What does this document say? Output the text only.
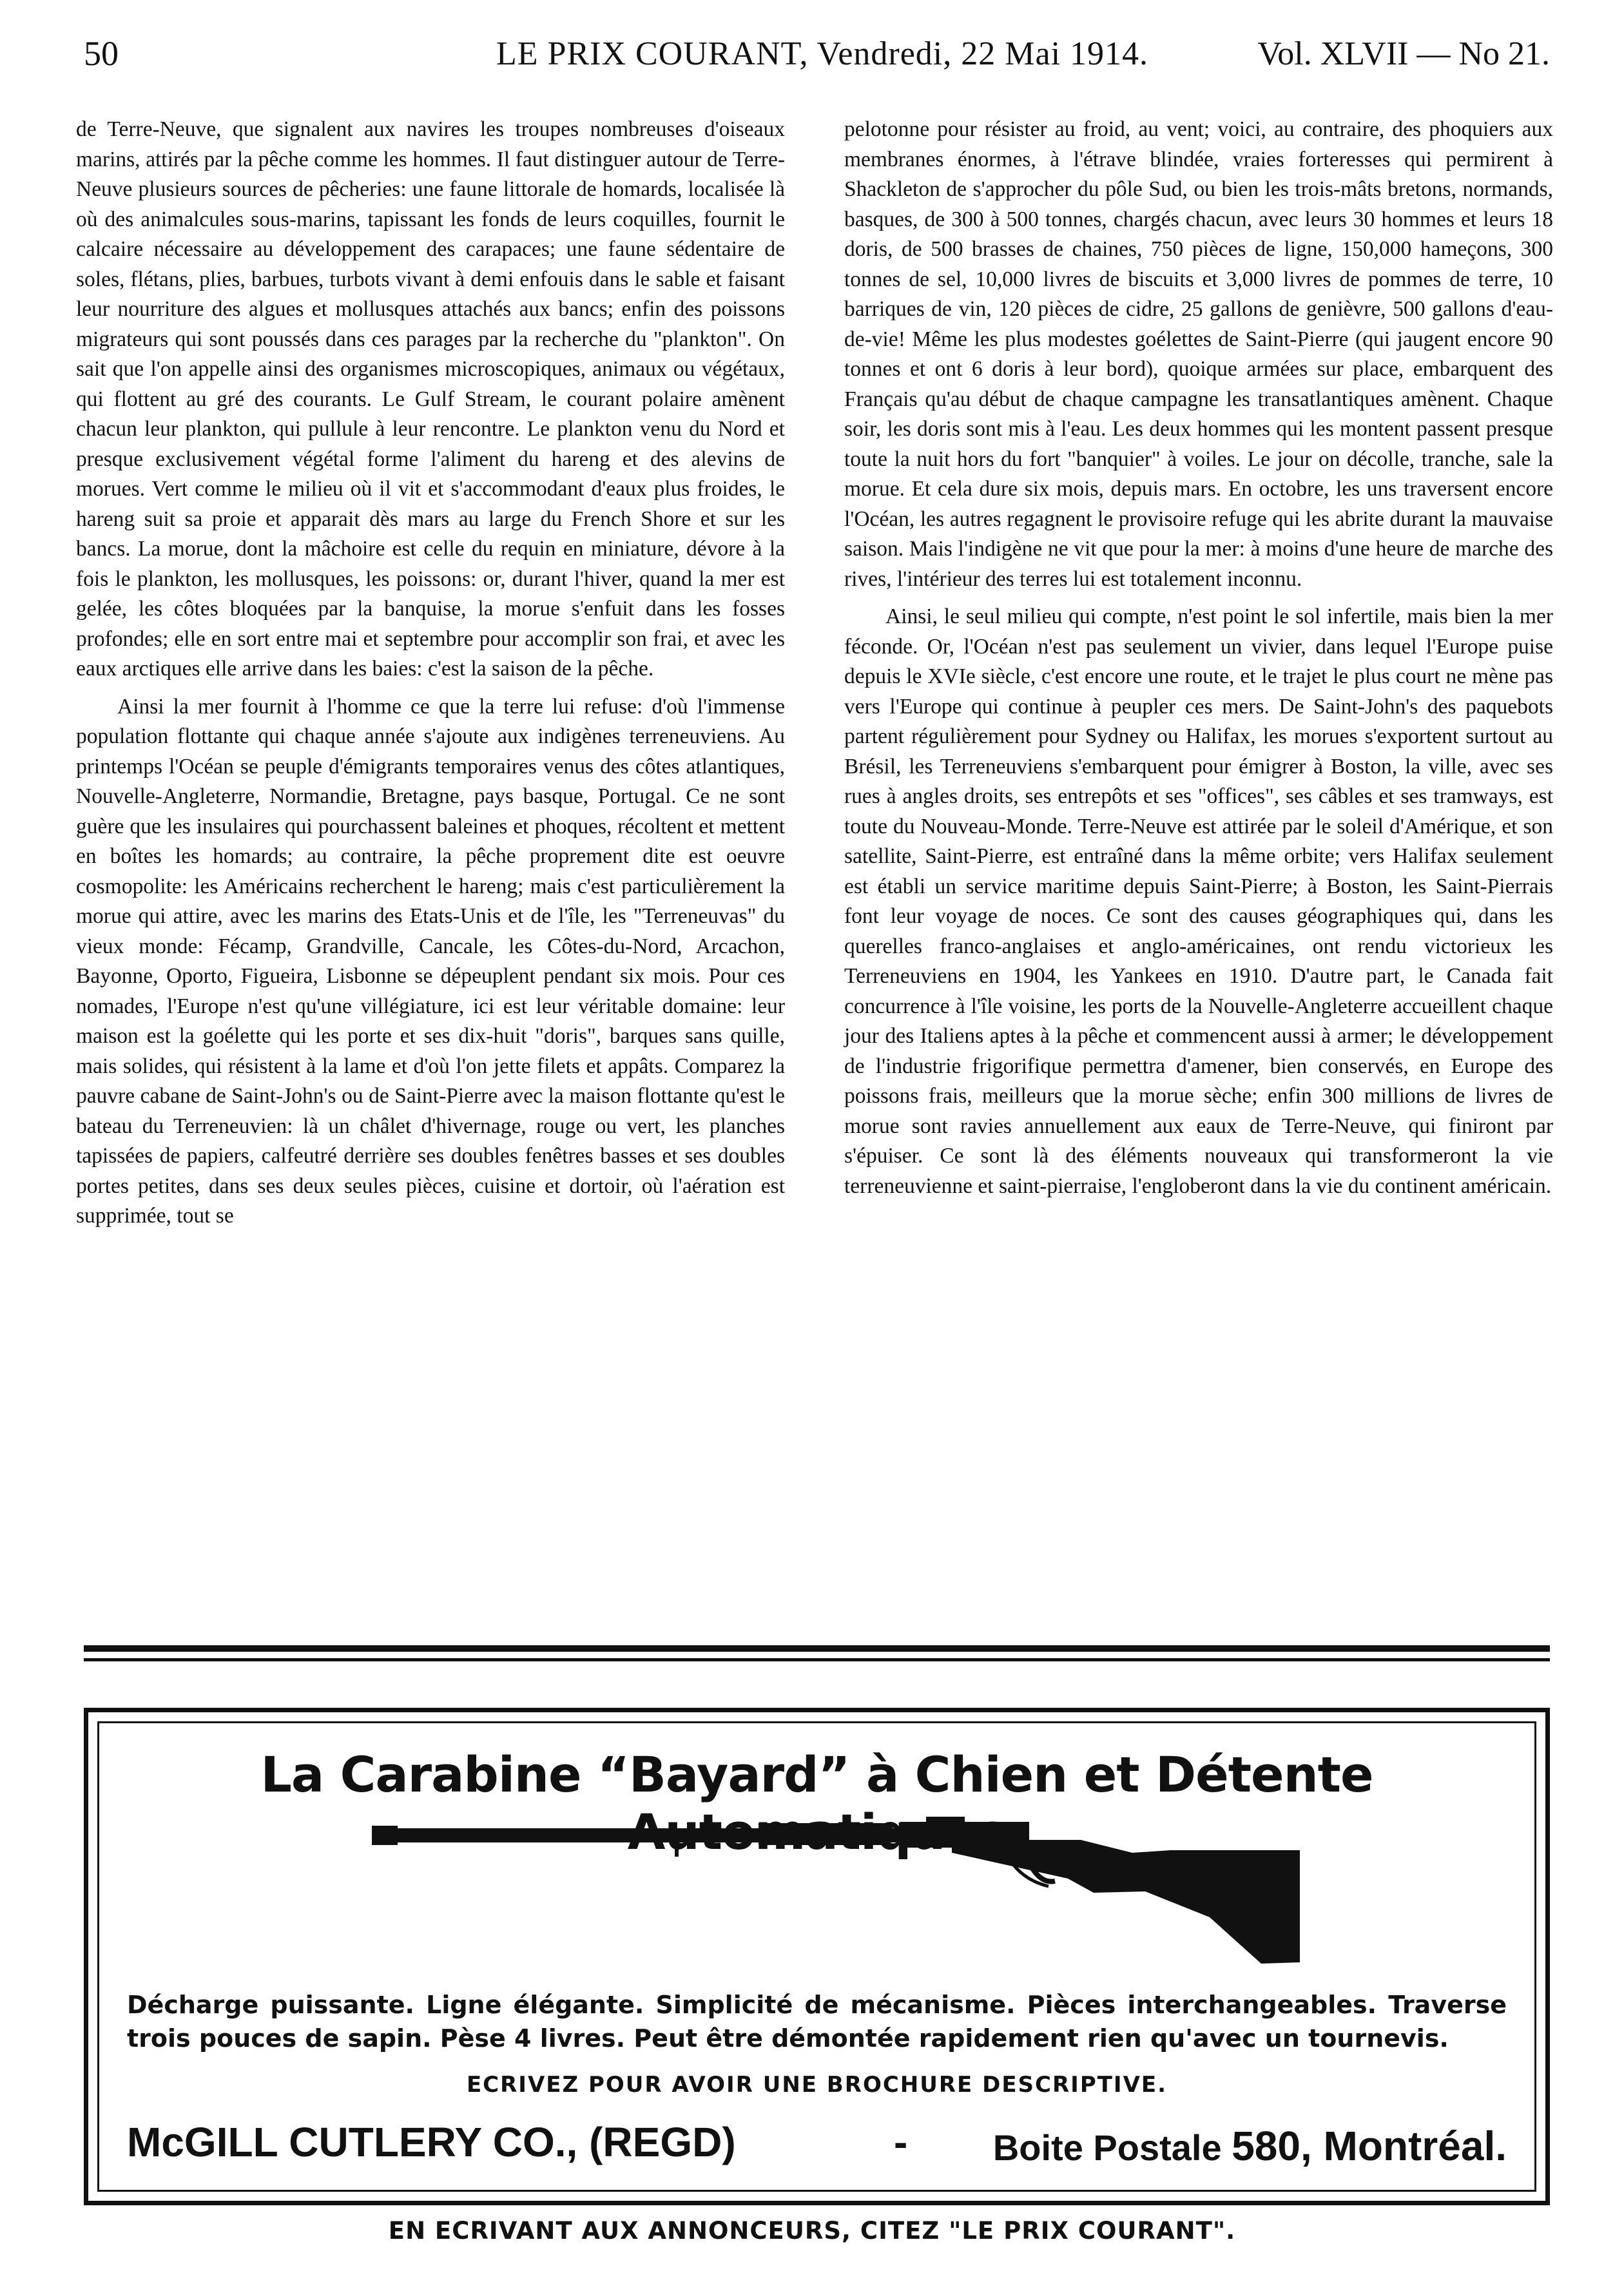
50	LE PRIX COURANT, Vendredi, 22 Mai 1914.	Vol. XLVII — No 21.

de Terre-Neuve, que signalent aux navires les troupes nombreuses d'oiseaux marins, attirés par la pêche comme les hommes. Il faut distinguer autour de Terre-Neuve plusieurs sources de pêcheries: une faune littorale de homards, localisée là où des animalcules sous-marins, tapissant les fonds de leurs coquilles, fournit le calcaire nécessaire au développement des carapaces; une faune sédentaire de soles, flétans, plies, barbues, turbots vivant à demi enfouis dans le sable et faisant leur nourriture des algues et mollusques attachés aux bancs; enfin des poissons migrateurs qui sont poussés dans ces parages par la recherche du "plankton". On sait que l'on appelle ainsi des organismes microscopiques, animaux ou végétaux, qui flottent au gré des courants. Le Gulf Stream, le courant polaire amènent chacun leur plankton, qui pullule à leur rencontre. Le plankton venu du Nord et presque exclusivement végétal forme l'aliment du hareng et des alevins de morues. Vert comme le milieu où il vit et s'accommodant d'eaux plus froides, le hareng suit sa proie et apparait dès mars au large du French Shore et sur les bancs. La morue, dont la mâchoire est celle du requin en miniature, dévore à la fois le plankton, les mollusques, les poissons: or, durant l'hiver, quand la mer est gelée, les côtes bloquées par la banquise, la morue s'enfuit dans les fosses profondes; elle en sort entre mai et septembre pour accomplir son frai, et avec les eaux arctiques elle arrive dans les baies: c'est la saison de la pêche.

Ainsi la mer fournit à l'homme ce que la terre lui refuse: d'où l'immense population flottante qui chaque année s'ajoute aux indigènes terreneuviens. Au printemps l'Océan se peuple d'émigrants temporaires venus des côtes atlantiques, Nouvelle-Angleterre, Normandie, Bretagne, pays basque, Portugal. Ce ne sont guère que les insulaires qui pourchassent baleines et phoques, récoltent et mettent en boîtes les homards; au contraire, la pêche proprement dite est oeuvre cosmopolite: les Américains recherchent le hareng; mais c'est particulièrement la morue qui attire, avec les marins des Etats-Unis et de l'île, les "Terreneuvas" du vieux monde: Fécamp, Grandville, Cancale, les Côtes-du-Nord, Arcachon, Bayonne, Oporto, Figueira, Lisbonne se dépeuplent pendant six mois. Pour ces nomades, l'Europe n'est qu'une villégiature, ici est leur véritable domaine: leur maison est la goélette qui les porte et ses dix-huit "doris", barques sans quille, mais solides, qui résistent à la lame et d'où l'on jette filets et appâts. Comparez la pauvre cabane de Saint-John's ou de Saint-Pierre avec la maison flottante qu'est le bateau du Terreneuvien: là un châlet d'hivernage, rouge ou vert, les planches tapissées de papiers, calfeutré derrière ses doubles fenêtres basses et ses doubles portes petites, dans ses deux seules pièces, cuisine et dortoir, où l'aération est supprimée, tout se

pelotonne pour résister au froid, au vent; voici, au contraire, des phoquiers aux membranes énormes, à l'étrave blindée, vraies forteresses qui permirent à Shackleton de s'approcher du pôle Sud, ou bien les trois-mâts bretons, normands, basques, de 300 à 500 tonnes, chargés chacun, avec leurs 30 hommes et leurs 18 doris, de 500 brasses de chaines, 750 pièces de ligne, 150,000 hameçons, 300 tonnes de sel, 10,000 livres de biscuits et 3,000 livres de pommes de terre, 10 barriques de vin, 120 pièces de cidre, 25 gallons de genièvre, 500 gallons d'eau-de-vie! Même les plus modestes goélettes de Saint-Pierre (qui jaugent encore 90 tonnes et ont 6 doris à leur bord), quoique armées sur place, embarquent des Français qu'au début de chaque campagne les transatlantiques amènent. Chaque soir, les doris sont mis à l'eau. Les deux hommes qui les montent passent presque toute la nuit hors du fort "banquier" à voiles. Le jour on décolle, tranche, sale la morue. Et cela dure six mois, depuis mars. En octobre, les uns traversent encore l'Océan, les autres regagnent le provisoire refuge qui les abrite durant la mauvaise saison. Mais l'indigène ne vit que pour la mer: à moins d'une heure de marche des rives, l'intérieur des terres lui est totalement inconnu.

Ainsi, le seul milieu qui compte, n'est point le sol infertile, mais bien la mer féconde. Or, l'Océan n'est pas seulement un vivier, dans lequel l'Europe puise depuis le XVIe siècle, c'est encore une route, et le trajet le plus court ne mène pas vers l'Europe qui continue à peupler ces mers. De Saint-John's des paquebots partent régulièrement pour Sydney ou Halifax, les morues s'exportent surtout au Brésil, les Terreneuviens s'embarquent pour émigrer à Boston, la ville, avec ses rues à angles droits, ses entrepôts et ses "offices", ses câbles et ses tramways, est toute du Nouveau-Monde. Terre-Neuve est attirée par le soleil d'Amérique, et son satellite, Saint-Pierre, est entraîné dans la même orbite; vers Halifax seulement est établi un service maritime depuis Saint-Pierre; à Boston, les Saint-Pierrais font leur voyage de noces. Ce sont des causes géographiques qui, dans les querelles franco-anglaises et anglo-américaines, ont rendu victorieux les Terreneuviens en 1904, les Yankees en 1910. D'autre part, le Canada fait concurrence à l'île voisine, les ports de la Nouvelle-Angleterre accueillent chaque jour des Italiens aptes à la pêche et commencent aussi à armer; le développement de l'industrie frigorifique permettra d'amener, bien conservés, en Europe des poissons frais, meilleurs que la morue sèche; enfin 300 millions de livres de morue sont ravies annuellement aux eaux de Terre-Neuve, qui finiront par s'épuiser. Ce sont là des éléments nouveaux qui transformeront la vie terreneuvienne et saint-pierraise, l'engloberont dans la vie du continent américain.

La Carabine “Bayard” à Chien et Détente
Décharge puissante. Ligne élégante. Simplicité de mécanisme. Pièces interchangeables. Traverse trois pouces de sapin. Pèse 4 livres. Peut être démontée rapidement rien qu'avec un tournevis.
ECRIVEZ POUR AVOIR UNE BROCHURE DESCRIPTIVE.
McGILL CUTLERY CO., (REGD)	- Boite Postale 580, Montréal.
EN ECRIVANT AUX ANNONCEURS, CITEZ "LE PRIX COURANT".
